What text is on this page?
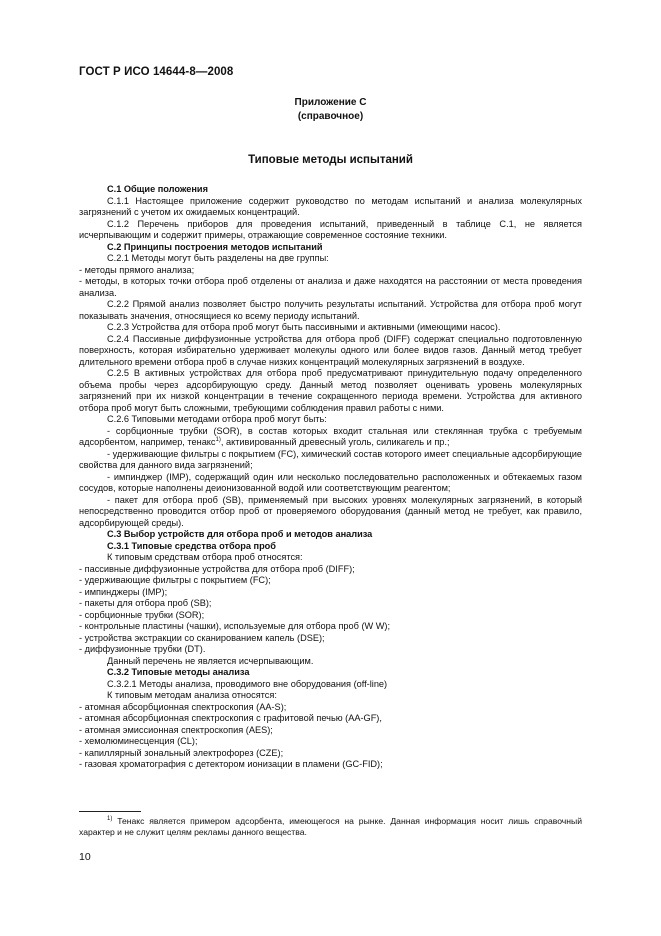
ГОСТ Р ИСО 14644-8—2008
Приложение С
(справочное)
Типовые методы испытаний

С.1 Общие положения

С.1.1 Настоящее приложение содержит руководство по методам испытаний и анализа молекулярных загрязнений с учетом их ожидаемых концентраций.

С.1.2 Перечень приборов для проведения испытаний, приведенный в таблице С.1, не является исчерпывающим и содержит примеры, отражающие современное состояние техники.

С.2 Принципы построения методов испытаний

С.2.1 Методы могут быть разделены на две группы:

- методы прямого анализа;

- методы, в которых точки отбора проб отделены от анализа и даже находятся на расстоянии от места проведения анализа.

С.2.2 Прямой анализ позволяет быстро получить результаты испытаний. Устройства для отбора проб могут показывать значения, относящиеся ко всему периоду испытаний.

С.2.3 Устройства для отбора проб могут быть пассивными и активными (имеющими насос).

С.2.4 Пассивные диффузионные устройства для отбора проб (DIFF) содержат специально подготовленную поверхность, которая избирательно удерживает молекулы одного или более видов газов. Данный метод требует длительного времени отбора проб в случае низких концентраций молекулярных загрязнений в воздухе.

С.2.5 В активных устройствах для отбора проб предусматривают принудительную подачу определенного объема пробы через адсорбирующую среду. Данный метод позволяет оценивать уровень молекулярных загрязнений при их низкой концентрации в течение сокращенного периода времени. Устройства для активного отбора проб могут быть сложными, требующими соблюдения правил работы с ними.

С.2.6 Типовыми методами отбора проб могут быть:

- сорбционные трубки (SOR), в состав которых входит стальная или стеклянная трубка с требуемым адсорбентом, например, тенакс$^{1)}$, активированный древесный уголь, силикагель и пр.;

- удерживающие фильтры с покрытием (FC), химический состав которого имеет специальные адсорбирующие свойства для данного вида загрязнений;

- импинджер (IMP), содержащий один или несколько последовательно расположенных и обтекаемых газом сосудов, которые наполнены деионизованной водой или соответствующим реагентом;

- пакет для отбора проб (SB), применяемый при высоких уровнях молекулярных загрязнений, в который непосредственно проводится отбор проб от проверяемого оборудования (данный метод не требует, как правило, адсорбирующей среды).

С.3 Выбор устройств для отбора проб и методов анализа

С.3.1 Типовые средства отбора проб

К типовым средствам отбора проб относятся:

- пассивные диффузионные устройства для отбора проб (DIFF);

- удерживающие фильтры с покрытием (FC);

- импинджеры (IMP);

- пакеты для отбора проб (SB);

- сорбционные трубки (SOR);

- контрольные пластины (чашки), используемые для отбора проб (W W);

- устройства экстракции со сканированием капель (DSE);

- диффузионные трубки (DT).

Данный перечень не является исчерпывающим.

С.3.2 Типовые методы анализа

С.3.2.1 Методы анализа, проводимого вне оборудования (off-line)

К типовым методам анализа относятся:

- атомная абсорбционная спектроскопия (АА-S);

- атомная абсорбционная спектроскопия с графитовой печью (АА-GF),

- атомная эмиссионная спектроскопия (AES);

- хемолюминесценция (CL);

- капиллярный зональный электрофорез (CZE);

- газовая хроматография с детектором ионизации в пламени (GC-FID);

$^{1)}$ Тенакс является примером адсорбента, имеющегося на рынке. Данная информация носит лишь справочный характер и не служит целям рекламы данного вещества.

10
